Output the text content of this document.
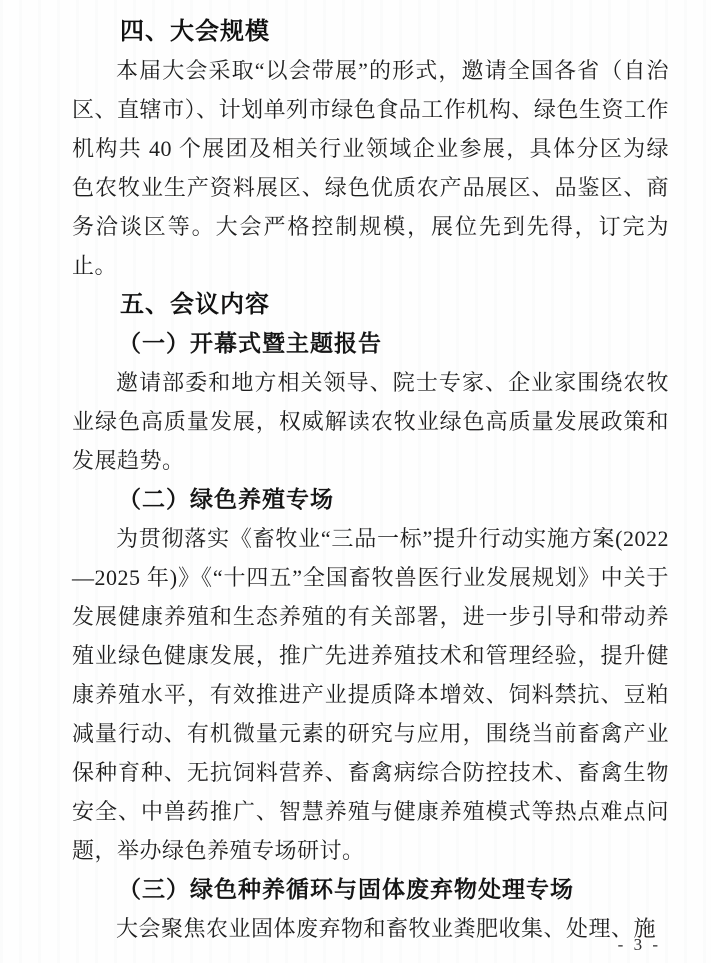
四、大会规模

本届大会采取“以会带展”的形式，邀请全国各省（自治区、直辖市）、计划单列市绿色食品工作机构、绿色生资工作机构共 40 个展团及相关行业领域企业参展，具体分区为绿色农牧业生产资料展区、绿色优质农产品展区、品鉴区、商务洽谈区等。大会严格控制规模，展位先到先得，订完为止。

五、会议内容
（一）开幕式暨主题报告

邀请部委和地方相关领导、院士专家、企业家围绕农牧业绿色高质量发展，权威解读农牧业绿色高质量发展政策和发展趋势。

（二）绿色养殖专场

为贯彻落实《畜牧业“三品一标”提升行动实施方案(2022—2025 年)》《“十四五”全国畜牧兽医行业发展规划》中关于发展健康养殖和生态养殖的有关部署，进一步引导和带动养殖业绿色健康发展，推广先进养殖技术和管理经验，提升健康养殖水平，有效推进产业提质降本增效、饲料禁抗、豆粕减量行动、有机微量元素的研究与应用，围绕当前畜禽产业保种育种、无抗饲料营养、畜禽病综合防控技术、畜禽生物安全、中兽药推广、智慧养殖与健康养殖模式等热点难点问题，举办绿色养殖专场研讨。

（三）绿色种养循环与固体废弃物处理专场

大会聚焦农业固体废弃物和畜牧业粪肥收集、处理、施

- 3 -
